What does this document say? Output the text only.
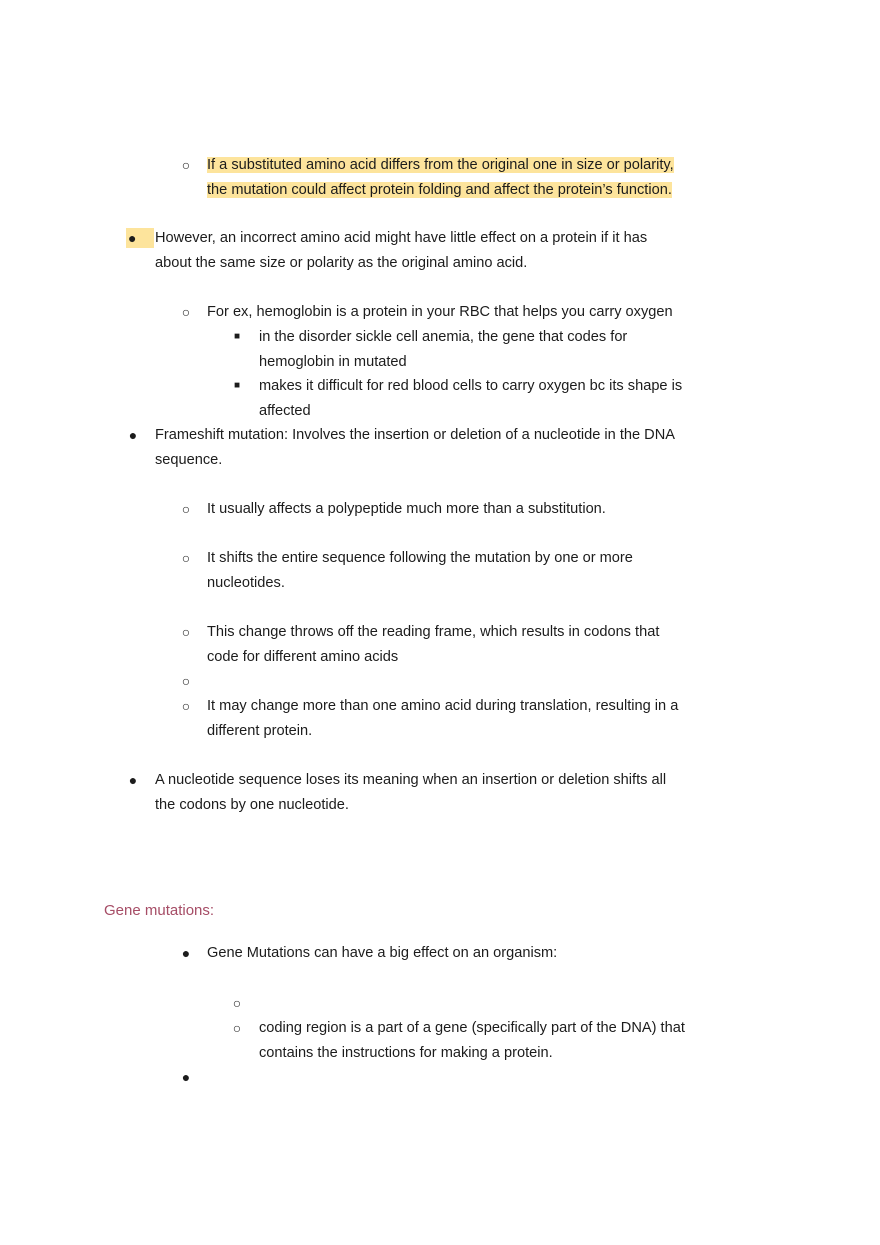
○ If a substituted amino acid differs from the original one in size or polarity,
the mutation could affect protein folding and affect the protein’s function.
●	However, an incorrect amino acid might have little effect on a protein if it has
about the same size or polarity as the original amino acid.
○ For ex, hemoglobin is a protein in your RBC that helps you carry oxygen
■ in the disorder sickle cell anemia, the gene that codes for
hemoglobin in mutated
■ makes it difficult for red blood cells to carry oxygen bc its shape is
affected
● Frameshift mutation: Involves the insertion or deletion of a nucleotide in the DNA
sequence.
○ It usually affects a polypeptide much more than a substitution.
○ It shifts the entire sequence following the mutation by one or more
nucleotides.
○ This change throws off the reading frame, which results in codons that
code for different amino acids
○
○ It may change more than one amino acid during translation, resulting in a
different protein.
● A nucleotide sequence loses its meaning when an insertion or deletion shifts all
the codons by one nucleotide.
Gene mutations:
● Gene Mutations can have a big effect on an organism:
○
○ coding region is a part of a gene (specifically part of the DNA) that
contains the instructions for making a protein.
●
